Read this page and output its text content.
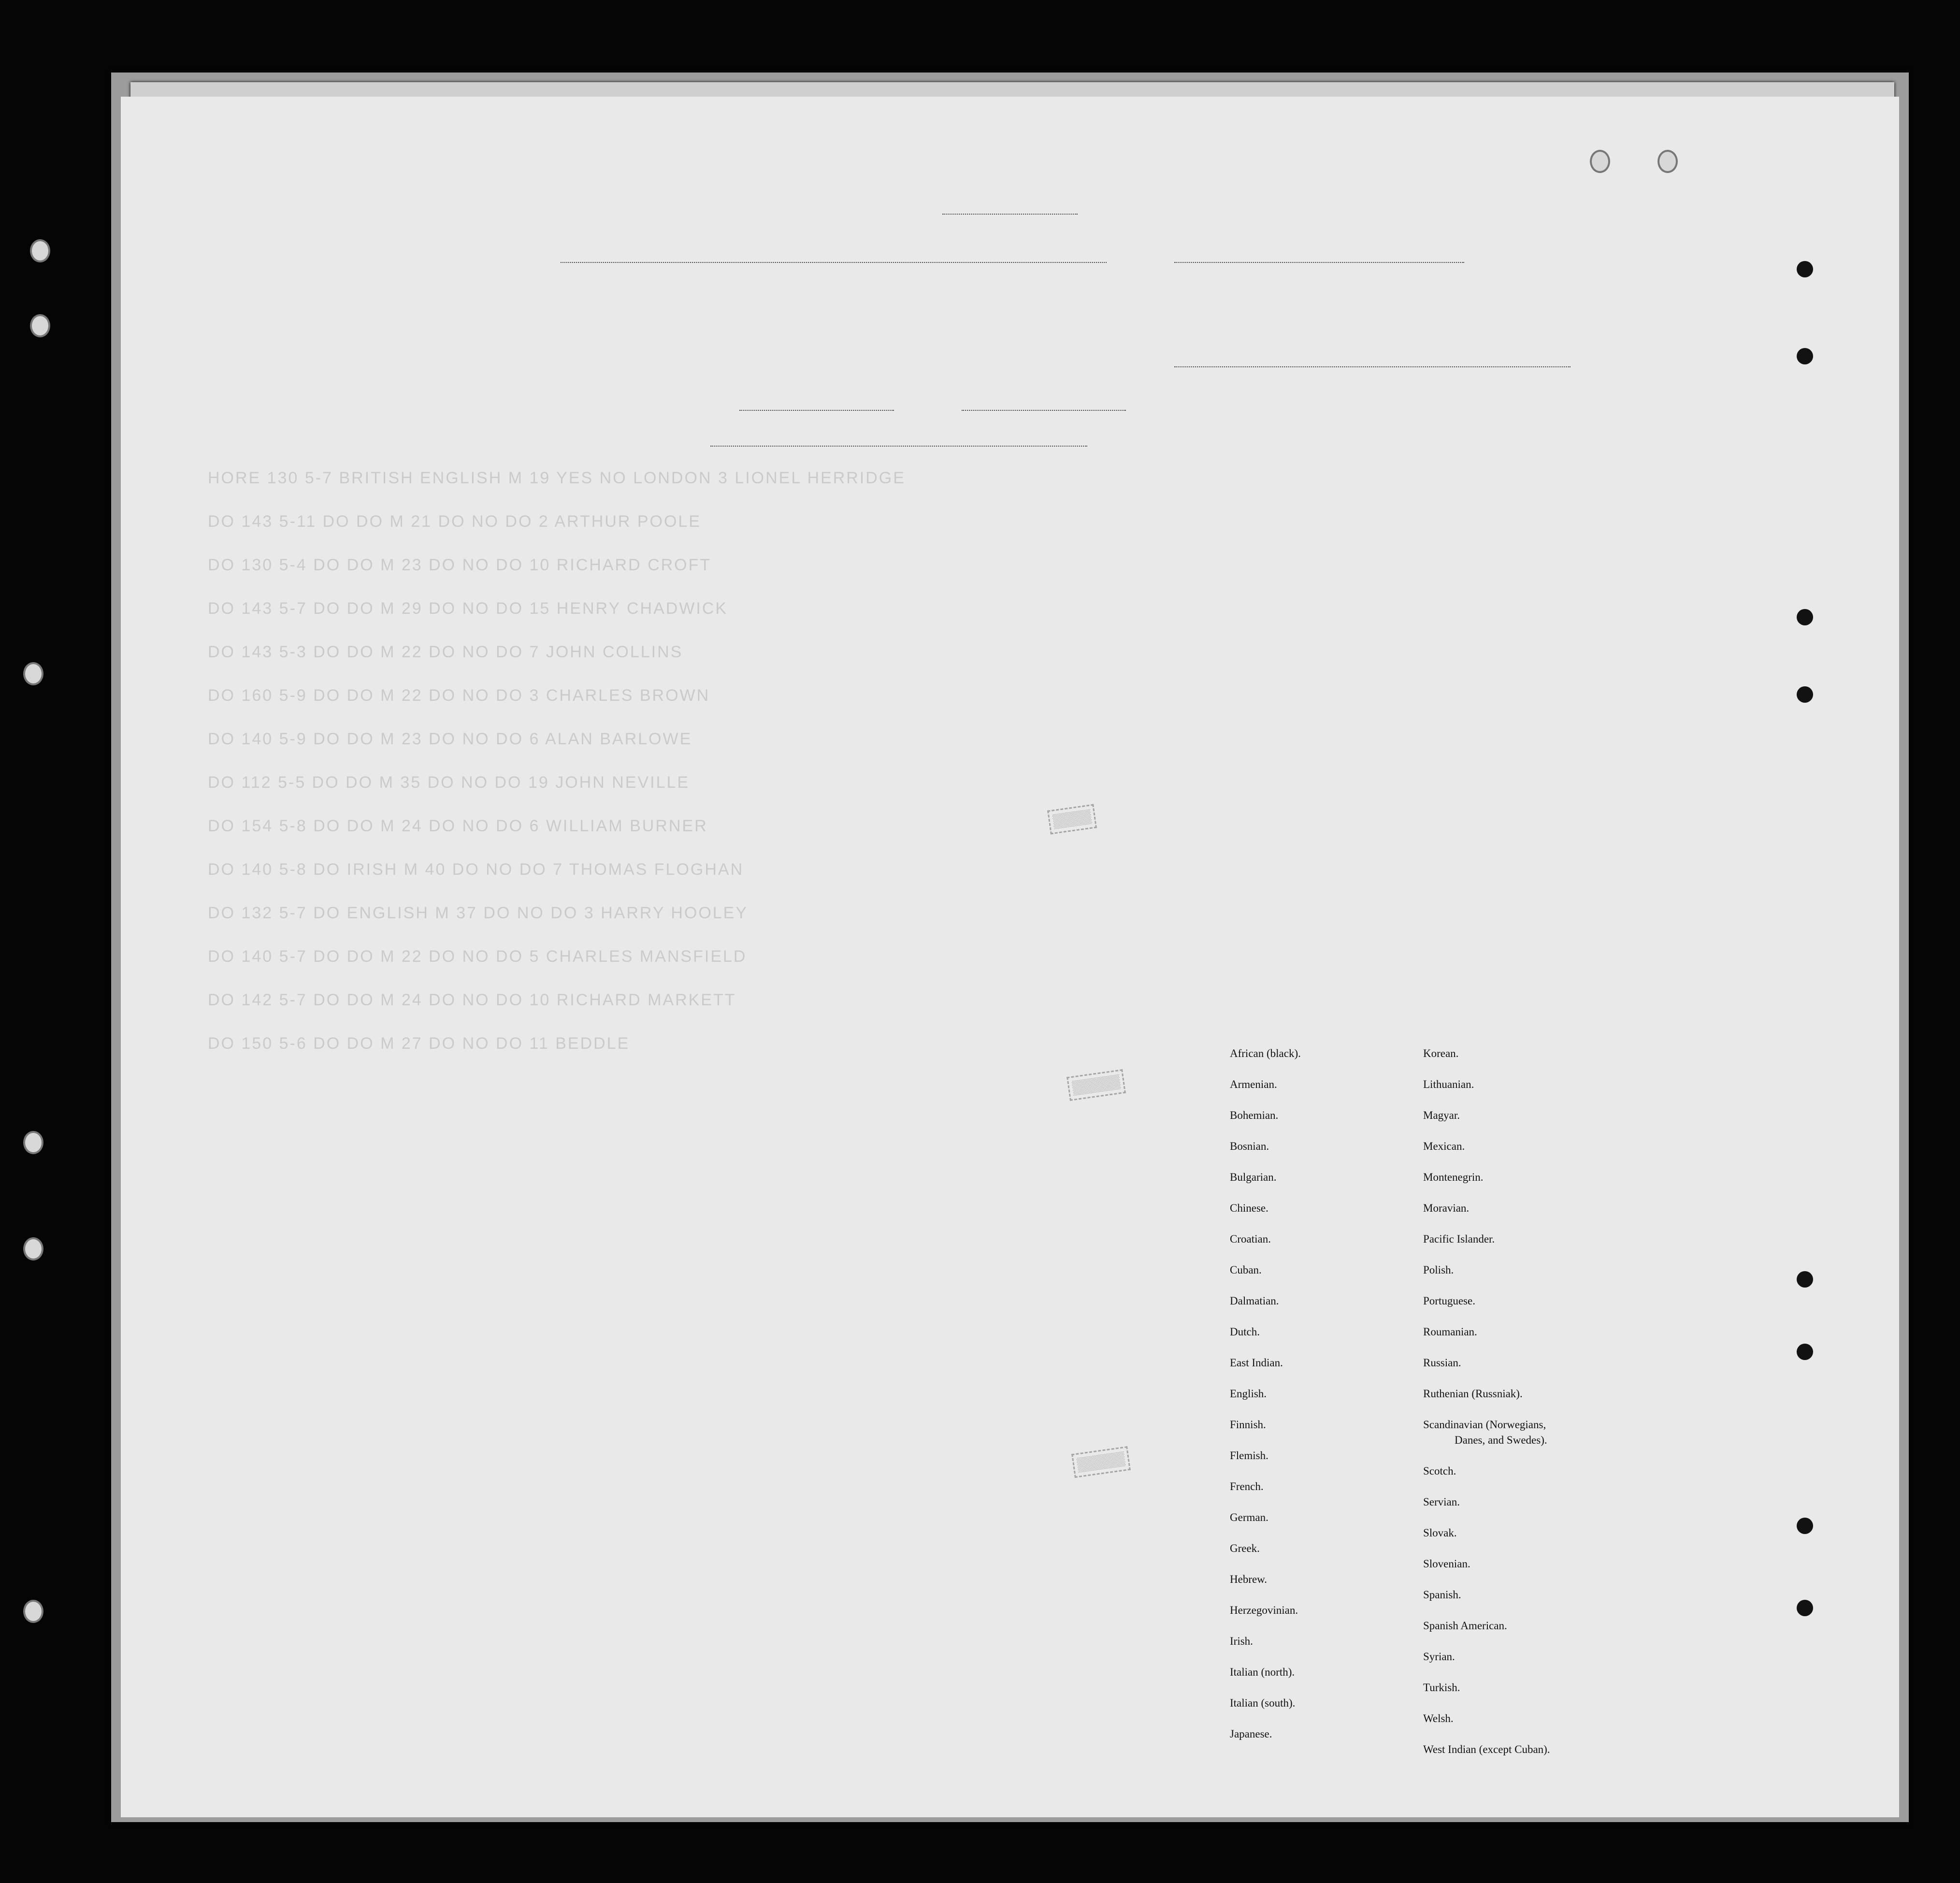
HORE 130 5-7 BRITISH ENGLISH M 19 YES NO LONDON 3 LIONEL HERRIDGE
DO 143 5-11 DO DO M 21 DO NO DO 2 ARTHUR POOLE
DO 130 5-4 DO DO M 23 DO NO DO 10 RICHARD CROFT
DO 143 5-7 DO DO M 29 DO NO DO 15 HENRY CHADWICK
DO 143 5-3 DO DO M 22 DO NO DO 7 JOHN COLLINS
DO 160 5-9 DO DO M 22 DO NO DO 3 CHARLES BROWN
DO 140 5-9 DO DO M 23 DO NO DO 6 ALAN BARLOWE
DO 112 5-5 DO DO M 35 DO NO DO 19 JOHN NEVILLE
DO 154 5-8 DO DO M 24 DO NO DO 6 WILLIAM BURNER
DO 140 5-8 DO IRISH M 40 DO NO DO 7 THOMAS FLOGHAN
DO 132 5-7 DO ENGLISH M 37 DO NO DO 3 HARRY HOOLEY
DO 140 5-7 DO DO M 22 DO NO DO 5 CHARLES MANSFIELD
DO 142 5-7 DO DO M 24 DO NO DO 10 RICHARD MARKETT
DO 150 5-6 DO DO M 27 DO NO DO 11 BEDDLE

▒▒▒▒
▒▒▒▒▒
▒▒▒▒▒
African (black).
Armenian.
Bohemian.
Bosnian.
Bulgarian.
Chinese.
Croatian.
Cuban.
Dalmatian.
Dutch.
East Indian.
English.
Finnish.
Flemish.
French.
German.
Greek.
Hebrew.
Herzegovinian.
Irish.
Italian (north).
Italian (south).
Japanese.
Korean.
Lithuanian.
Magyar.
Mexican.
Montenegrin.
Moravian.
Pacific Islander.
Polish.
Portuguese.
Roumanian.
Russian.
Ruthenian (Russniak).
Scandinavian (Norwegians,
Danes, and Swedes).
Scotch.
Servian.
Slovak.
Slovenian.
Spanish.
Spanish American.
Syrian.
Turkish.
Welsh.
West Indian (except Cuban).
